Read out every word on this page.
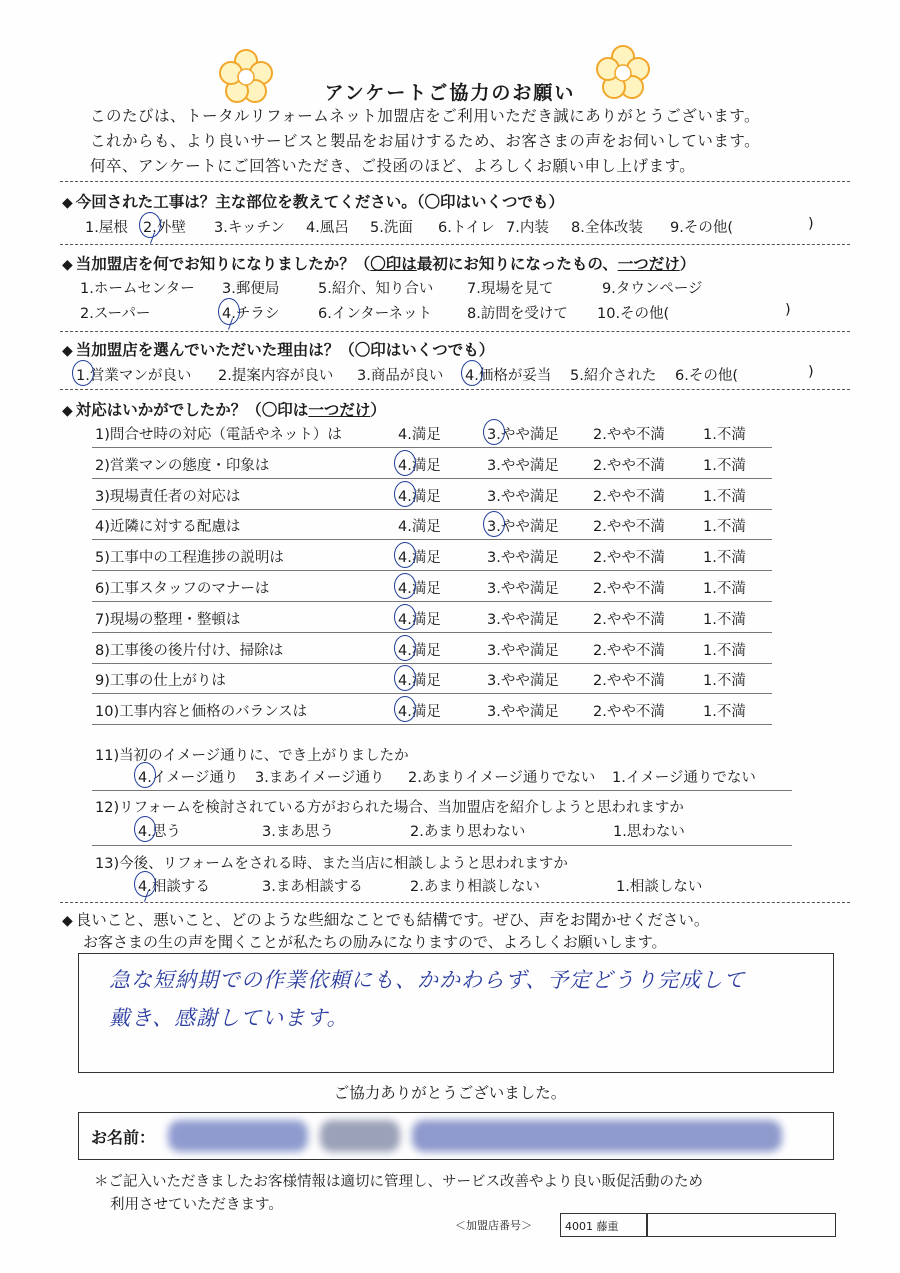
アンケートご協力のお願い
このたびは、トータルリフォームネット加盟店をご利用いただき誠にありがとうございます。
これからも、より良いサービスと製品をお届けするため、お客さまの声をお伺いしています。
何卒、アンケートにご回答いただき、ご投函のほど、よろしくお願い申し上げます。
◆ 今回された工事は？主な部位を教えてください。（〇印はいくつでも）
1.屋根 2.外壁 3.キッチン 4.風呂 5.洗面 6.トイレ 7.内装 8.全体改装 9.その他(	)
◆ 当加盟店を何でお知りになりましたか？（〇印は最初にお知りになったもの、一つだけ）
1.ホームセンター 3.郵便局	5.紹介、知り合い 7.現場を見て	9.タウンページ
2.スーパー	4.チラシ	6.インターネット 8.訪問を受けて 10.その他(	)
◆ 当加盟店を選んでいただいた理由は？（〇印はいくつでも）
1.営業マンが良い 2.提案内容が良い 3.商品が良い 4.価格が妥当 5.紹介された 6.その他(	)
◆ 対応はいかがでしたか？（〇印は一つだけ）
1)問合せ時の対応（電話やネット）は	4.満足	3.やや満足 2.やや不満	1.不満
2)営業マンの態度・印象は	4.満足	3.やや満足 2.やや不満	1.不満
3)現場責任者の対応は	4.満足	3.やや満足 2.やや不満	1.不満
4)近隣に対する配慮は	4.満足	3.やや満足 2.やや不満	1.不満
5)工事中の工程進捗の説明は	4.満足	3.やや満足 2.やや不満	1.不満
6)工事スタッフのマナーは	4.満足	3.やや満足 2.やや不満	1.不満
7)現場の整理・整頓は	4.満足	3.やや満足 2.やや不満	1.不満
8)工事後の後片付け、掃除は	4.満足	3.やや満足 2.やや不満	1.不満
9)工事の仕上がりは	4.満足	3.やや満足 2.やや不満	1.不満
10)工事内容と価格のバランスは	4.満足	3.やや満足 2.やや不満	1.不満
11)当初のイメージ通りに、でき上がりましたか
4.イメージ通り 3.まあイメージ通り 2.あまりイメージ通りでない 1.イメージ通りでない
12)リフォームを検討されている方がおられた場合、当加盟店を紹介しようと思われますか
4.思う	3.まあ思う	2.あまり思わない	1.思わない
13)今後、リフォームをされる時、また当店に相談しようと思われますか
4.相談する	3.まあ相談する	2.あまり相談しない	1.相談しない
◆ 良いこと、悪いこと、どのような些細なことでも結構です。ぜひ、声をお聞かせください。
お客さまの生の声を聞くことが私たちの励みになりますので、よろしくお願いします。
急な短納期での作業依頼にも、かかわらず、予定どうり完成して
戴き、感謝しています。
ご協力ありがとうございました。
お名前：
＊ご記入いただきましたお客様情報は適切に管理し、サービス改善やより良い販促活動のため
利用させていただきます。
＜加盟店番号＞	4001 藤重
